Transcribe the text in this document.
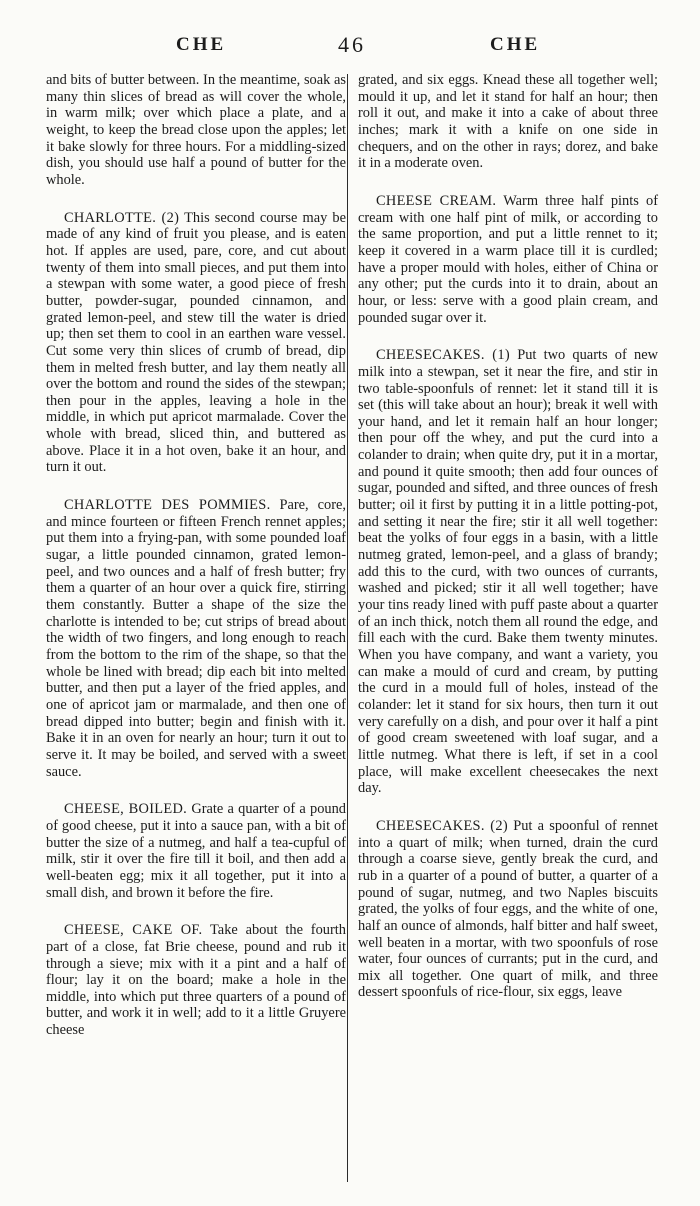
CHE	46	CHE

and bits of butter between. In the meantime, soak as many thin slices of bread as will cover the whole, in warm milk; over which place a plate, and a weight, to keep the bread close upon the apples; let it bake slowly for three hours. For a middling-sized dish, you should use half a pound of butter for the whole.

CHARLOTTE. (2) This second course may be made of any kind of fruit you please, and is eaten hot. If apples are used, pare, core, and cut about twenty of them into small pieces, and put them into a stewpan with some water, a good piece of fresh butter, powder-sugar, pounded cinnamon, and grated lemon-peel, and stew till the water is dried up; then set them to cool in an earthen ware vessel. Cut some very thin slices of crumb of bread, dip them in melted fresh butter, and lay them neatly all over the bottom and round the sides of the stewpan; then pour in the apples, leaving a hole in the middle, in which put apricot marmalade. Cover the whole with bread, sliced thin, and buttered as above. Place it in a hot oven, bake it an hour, and turn it out.

CHARLOTTE DES POMMIES. Pare, core, and mince fourteen or fifteen French rennet apples; put them into a frying-pan, with some pounded loaf sugar, a little pounded cinnamon, grated lemon-peel, and two ounces and a half of fresh butter; fry them a quarter of an hour over a quick fire, stirring them constantly. Butter a shape of the size the charlotte is intended to be; cut strips of bread about the width of two fingers, and long enough to reach from the bottom to the rim of the shape, so that the whole be lined with bread; dip each bit into melted butter, and then put a layer of the fried apples, and one of apricot jam or marmalade, and then one of bread dipped into butter; begin and finish with it. Bake it in an oven for nearly an hour; turn it out to serve it. It may be boiled, and served with a sweet sauce.

CHEESE, BOILED. Grate a quarter of a pound of good cheese, put it into a sauce pan, with a bit of butter the size of a nutmeg, and half a tea-cupful of milk, stir it over the fire till it boil, and then add a well-beaten egg; mix it all together, put it into a small dish, and brown it before the fire.

CHEESE, CAKE OF. Take about the fourth part of a close, fat Brie cheese, pound and rub it through a sieve; mix with it a pint and a half of flour; lay it on the board; make a hole in the middle, into which put three quarters of a pound of butter, and work it in well; add to it a little Gruyere cheese

grated, and six eggs. Knead these all together well; mould it up, and let it stand for half an hour; then roll it out, and make it into a cake of about three inches; mark it with a knife on one side in chequers, and on the other in rays; dorez, and bake it in a moderate oven.

CHEESE CREAM. Warm three half pints of cream with one half pint of milk, or according to the same proportion, and put a little rennet to it; keep it covered in a warm place till it is curdled; have a proper mould with holes, either of China or any other; put the curds into it to drain, about an hour, or less: serve with a good plain cream, and pounded sugar over it.

CHEESECAKES. (1) Put two quarts of new milk into a stewpan, set it near the fire, and stir in two table-spoonfuls of rennet: let it stand till it is set (this will take about an hour); break it well with your hand, and let it remain half an hour longer; then pour off the whey, and put the curd into a colander to drain; when quite dry, put it in a mortar, and pound it quite smooth; then add four ounces of sugar, pounded and sifted, and three ounces of fresh butter; oil it first by putting it in a little potting-pot, and setting it near the fire; stir it all well together: beat the yolks of four eggs in a basin, with a little nutmeg grated, lemon-peel, and a glass of brandy; add this to the curd, with two ounces of currants, washed and picked; stir it all well together; have your tins ready lined with puff paste about a quarter of an inch thick, notch them all round the edge, and fill each with the curd. Bake them twenty minutes. When you have company, and want a variety, you can make a mould of curd and cream, by putting the curd in a mould full of holes, instead of the colander: let it stand for six hours, then turn it out very carefully on a dish, and pour over it half a pint of good cream sweetened with loaf sugar, and a little nutmeg. What there is left, if set in a cool place, will make excellent cheesecakes the next day.

CHEESECAKES. (2) Put a spoonful of rennet into a quart of milk; when turned, drain the curd through a coarse sieve, gently break the curd, and rub in a quarter of a pound of butter, a quarter of a pound of sugar, nutmeg, and two Naples biscuits grated, the yolks of four eggs, and the white of one, half an ounce of almonds, half bitter and half sweet, well beaten in a mortar, with two spoonfuls of rose water, four ounces of currants; put in the curd, and mix all together. One quart of milk, and three dessert spoonfuls of rice-flour, six eggs, leave
